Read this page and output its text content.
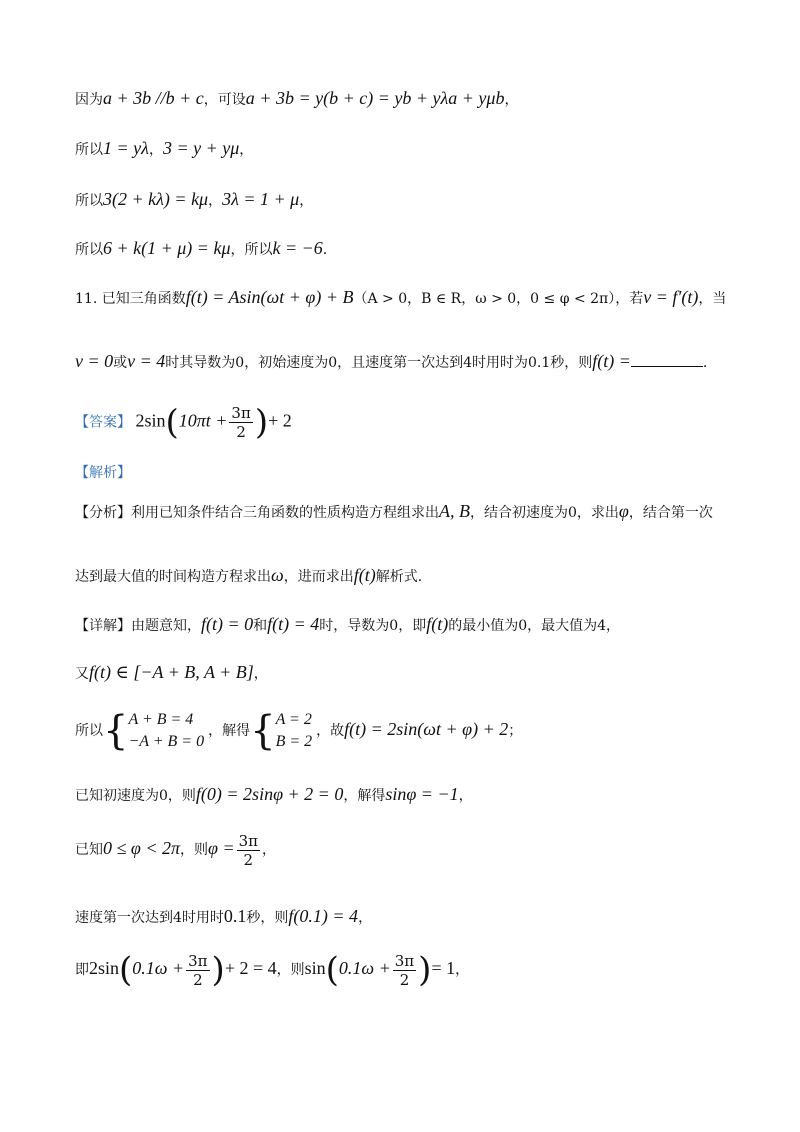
因为a + 3b //b + c，可设a + 3b = y(b + c) = yb + yλa + yμb，
所以1 = yλ，3 = y + yμ，
所以3(2 + kλ) = kμ，3λ = 1 + μ，
所以6 + k(1 + μ) = kμ，所以k = −6.
11. 已知三角函数f(t) = Asin(ωt + φ) + B（A > 0，B ∈ R，ω > 0，0 ≤ φ < 2π），若v = f′(t)，当
v = 0或v = 4时其导数为0，初始速度为0，且速度第一次达到4时用时为0.1秒，则f(t) =	.
【答案】 $2\sin(10\pi t + \frac{3\pi}{2}$ )+ 2
【解析】
【分析】利用已知条件结合三角函数的性质构造方程组求出A, B，结合初速度为0，求出φ，结合第一次
达到最大值的时间构造方程求出ω，进而求出f(t)解析式.
【详解】由题意知，f(t) = 0和f(t) = 4时，导数为0，即f(t)的最小值为0，最大值为4，
又f(t) ∈ [−A + B, A + B]，
所以{ A + B = 4
−A + B = 0
，解得{ A = 2
B = 2
，故f(t) = 2sin(ωt + φ) + 2；
已知初速度为0，则f(0) = 2sinφ + 2 = 0，解得sinφ = −1，
已知0 ≤ φ < 2π，则$\varphi = \frac{3\pi}{2}$ ，
速度第一次达到4时用时0.1秒，则f(0.1) = 4，
即$2\sin(0.1\omega + \frac{3\pi}{2}$ )+ 2 = 4，则$\sin(0.1\omega + \frac{3\pi}{2}$ )= 1，
